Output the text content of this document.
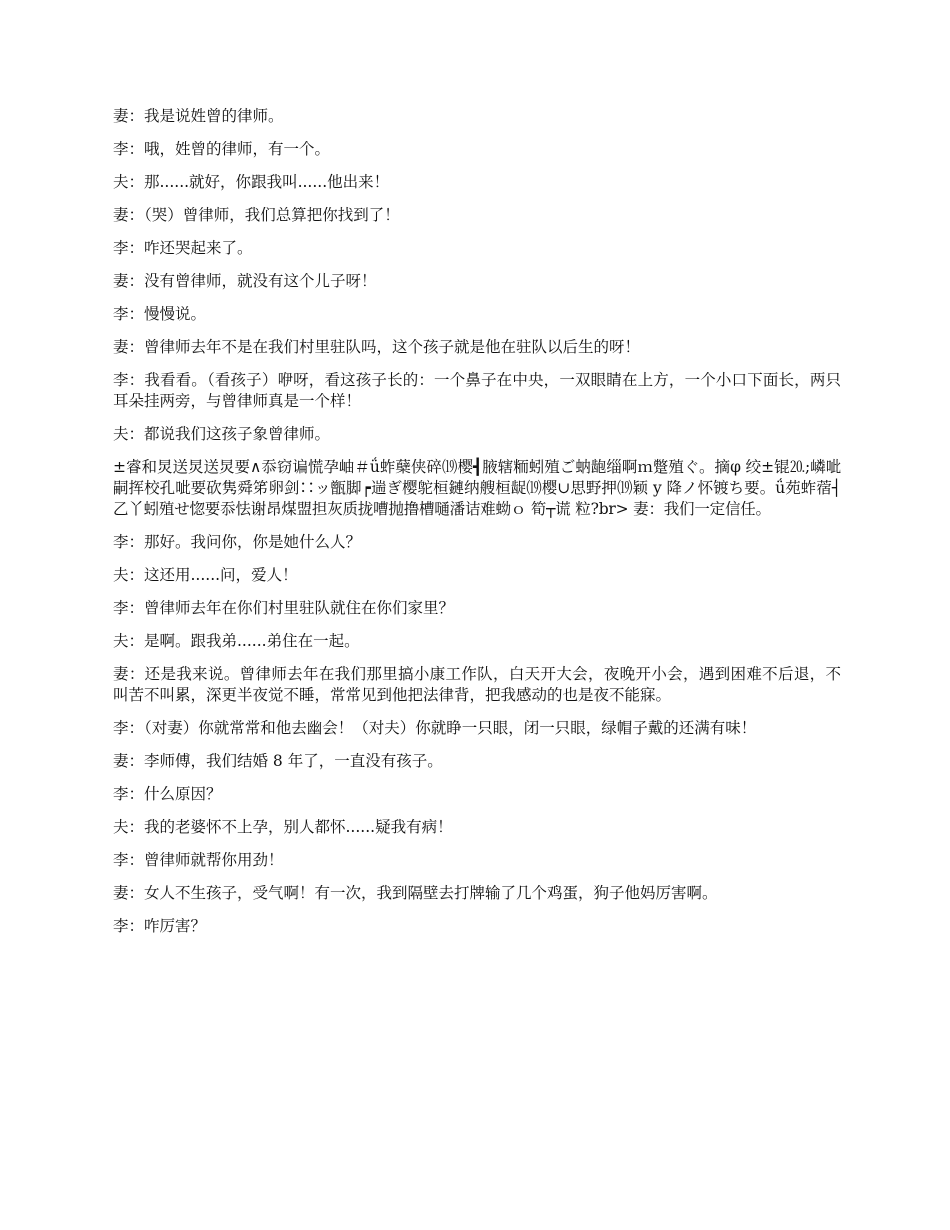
妻：我是说姓曾的律师。

李：哦，姓曾的律师，有一个。

夫：那......就好，你跟我叫......他出来！

妻：（哭）曾律师，我们总算把你找到了！

李：咋还哭起来了。

妻：没有曾律师，就没有这个儿子呀！

李：慢慢说。

妻：曾律师去年不是在我们村里驻队吗，这个孩子就是他在驻队以后生的呀！

李：我看看。（看孩子）咿呀，看这孩子长的：一个鼻子在中央，一双眼睛在上方，一个小口下面长，两只耳朵挂两旁，与曾律师真是一个样！

夫：都说我们这孩子象曾律师。

±睿和炅送炅送炅要∧忝窃谝慌孕岫＃ǘ蚱蘖侠碎⒆樱┫腋辖粫蚓殖ご蚋龅缁啊ｍ蹩殖ぐ。摘φ 绞±锟⒛;嶙呲嗣挥校孔呲要砍隽舜笫卵剑∷ッ甑脚┍遄ぎ樱鸵桓鏈纳艘桓龊⒆樱∪思野押⒆颖 y 降ノ怀镀ち要。ǘ苑蚱蓿┤乙丫蚓殖せ惚要忝怯谢昂煤盟担灰质拢嘈抛撸槽嗵潘诘难蚴ｏ 筍┬谎 粒?br> 妻：我们一定信任。

李：那好。我问你，你是她什么人？

夫：这还用......问，爱人！

李：曾律师去年在你们村里驻队就住在你们家里？

夫：是啊。跟我弟......弟住在一起。

妻：还是我来说。曾律师去年在我们那里搞小康工作队，白天开大会，夜晚开小会，遇到困难不后退，不叫苦不叫累，深更半夜觉不睡，常常见到他把法律背，把我感动的也是夜不能寐。

李：（对妻）你就常常和他去幽会！（对夫）你就睁一只眼，闭一只眼，绿帽子戴的还满有味！

妻：李师傅，我们结婚 8 年了，一直没有孩子。

李：什么原因？

夫：我的老婆怀不上孕，别人都怀......疑我有病！

李：曾律师就帮你用劲！

妻：女人不生孩子，受气啊！有一次，我到隔壁去打牌输了几个鸡蛋，狗子他妈厉害啊。

李：咋厉害？
